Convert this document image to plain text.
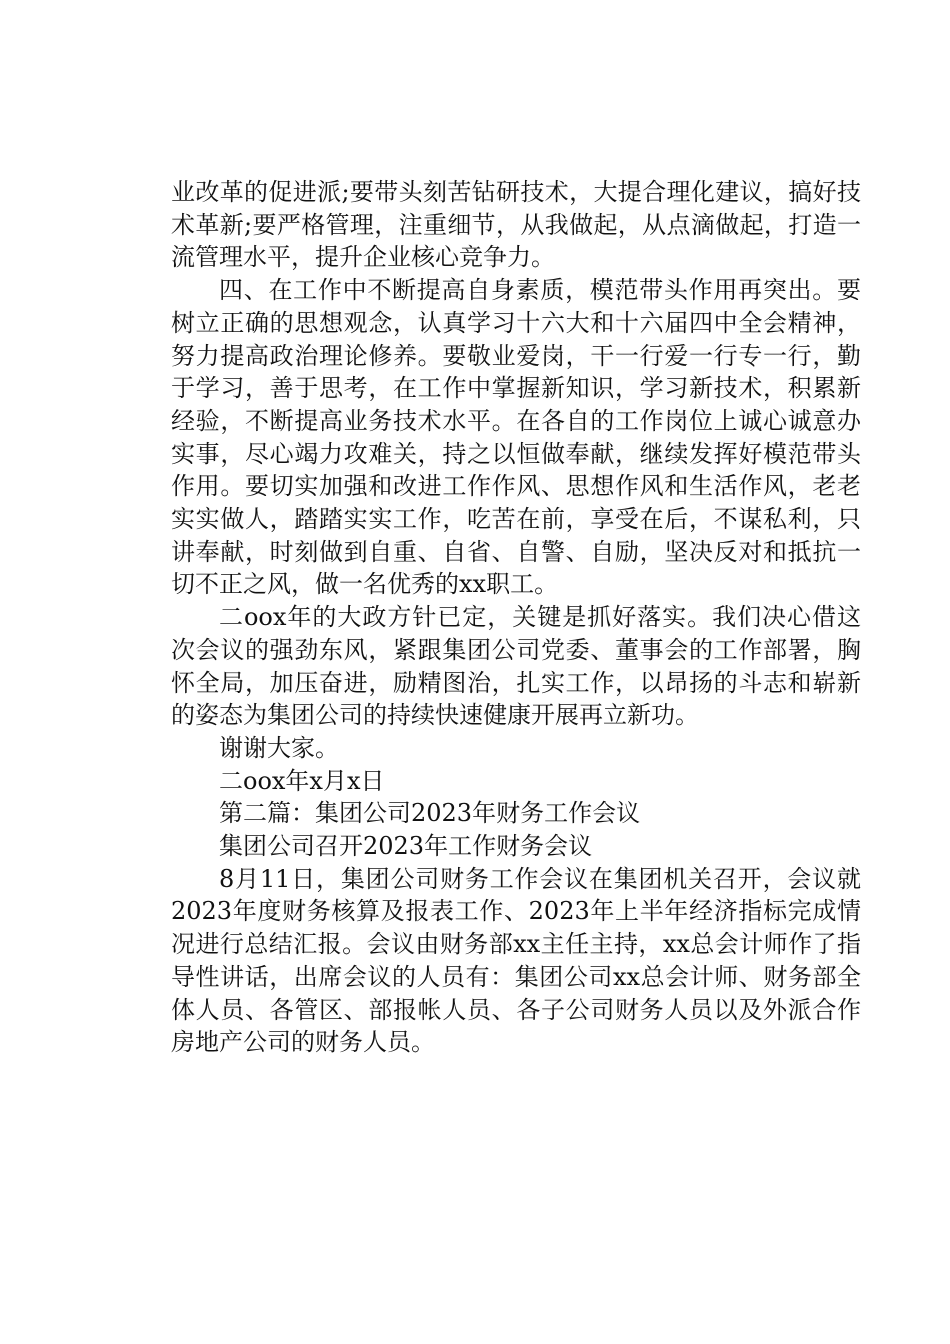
业改革的促进派;要带头刻苦钻研技术，大提合理化建议，搞好技术革新;要严格管理，注重细节，从我做起，从点滴做起，打造一流管理水平，提升企业核心竞争力。

四、在工作中不断提高自身素质，模范带头作用再突出。要树立正确的思想观念，认真学习十六大和十六届四中全会精神，努力提高政治理论修养。要敬业爱岗，干一行爱一行专一行，勤于学习，善于思考，在工作中掌握新知识，学习新技术，积累新经验，不断提高业务技术水平。在各自的工作岗位上诚心诚意办实事，尽心竭力攻难关，持之以恒做奉献，继续发挥好模范带头作用。要切实加强和改进工作作风、思想作风和生活作风，老老实实做人，踏踏实实工作，吃苦在前，享受在后，不谋私利，只讲奉献，时刻做到自重、自省、自警、自励，坚决反对和抵抗一切不正之风，做一名优秀的xx职工。

二oox年的大政方针已定，关键是抓好落实。我们决心借这次会议的强劲东风，紧跟集团公司党委、董事会的工作部署，胸怀全局，加压奋进，励精图治，扎实工作，以昂扬的斗志和崭新的姿态为集团公司的持续快速健康开展再立新功。

谢谢大家。

二oox年x月x日

第二篇：集团公司2023年财务工作会议

集团公司召开2023年工作财务会议

8月11日，集团公司财务工作会议在集团机关召开，会议就2023年度财务核算及报表工作、2023年上半年经济指标完成情况进行总结汇报。会议由财务部xx主任主持，xx总会计师作了指导性讲话，出席会议的人员有：集团公司xx总会计师、财务部全体人员、各管区、部报帐人员、各子公司财务人员以及外派合作房地产公司的财务人员。
